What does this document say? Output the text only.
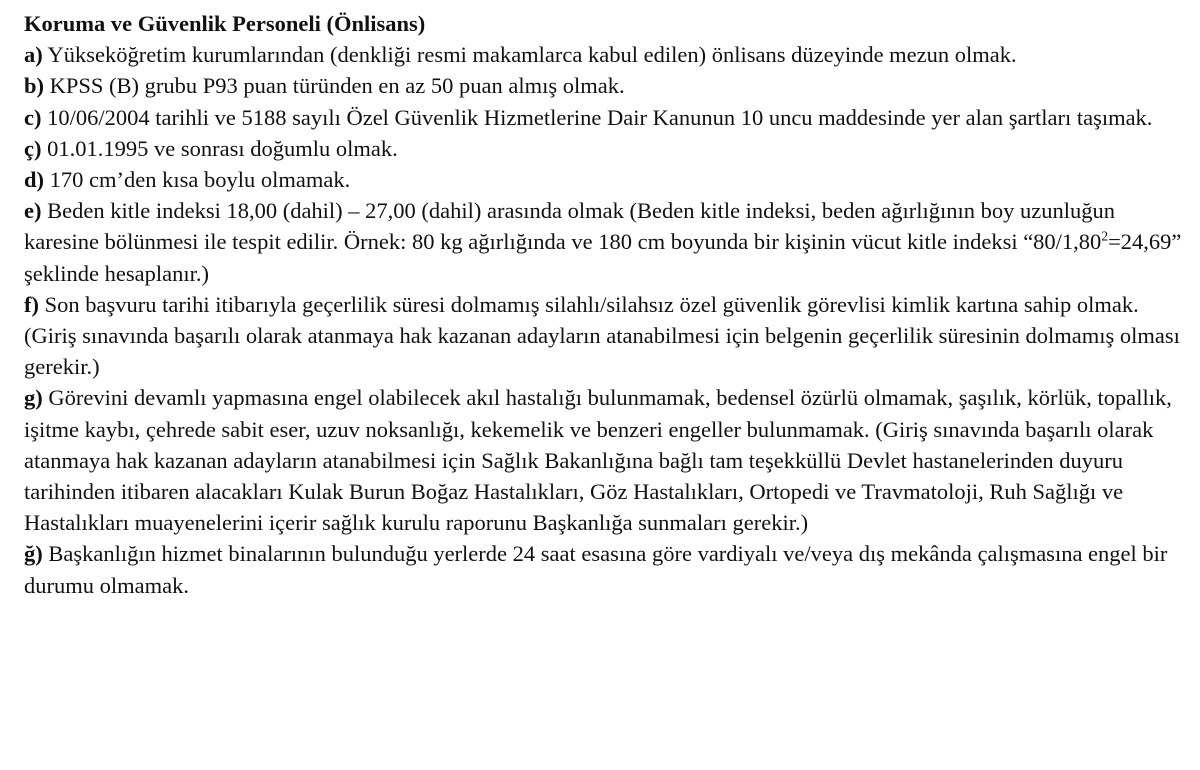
Koruma ve Güvenlik Personeli (Önlisans)

a) Yükseköğretim kurumlarından (denkliği resmi makamlarca kabul edilen) önlisans düzeyinde mezun olmak.

b) KPSS (B) grubu P93 puan türünden en az 50 puan almış olmak.

c) 10/06/2004 tarihli ve 5188 sayılı Özel Güvenlik Hizmetlerine Dair Kanunun 10 uncu maddesinde yer alan şartları taşımak.

ç) 01.01.1995 ve sonrası doğumlu olmak.

d) 170 cm’den kısa boylu olmamak.

e) Beden kitle indeksi 18,00 (dahil) – 27,00 (dahil) arasında olmak (Beden kitle indeksi, beden ağırlığının boy uzunluğun karesine bölünmesi ile tespit edilir. Örnek: 80 kg ağırlığında ve 180 cm boyunda bir kişinin vücut kitle indeksi “$80/1,80^2=24,69$” şeklinde hesaplanır.)

f) Son başvuru tarihi itibarıyla geçerlilik süresi dolmamış silahlı/silahsız özel güvenlik görevlisi kimlik kartına sahip olmak. (Giriş sınavında başarılı olarak atanmaya hak kazanan adayların atanabilmesi için belgenin geçerlilik süresinin dolmamış olması gerekir.)

g) Görevini devamlı yapmasına engel olabilecek akıl hastalığı bulunmamak, bedensel özürlü olmamak, şaşılık, körlük, topallık, işitme kaybı, çehrede sabit eser, uzuv noksanlığı, kekemelik ve benzeri engeller bulunmamak. (Giriş sınavında başarılı olarak atanmaya hak kazanan adayların atanabilmesi için Sağlık Bakanlığına bağlı tam teşekküllü Devlet hastanelerinden duyuru tarihinden itibaren alacakları Kulak Burun Boğaz Hastalıkları, Göz Hastalıkları, Ortopedi ve Travmatoloji, Ruh Sağlığı ve Hastalıkları muayenelerini içerir sağlık kurulu raporunu Başkanlığa sunmaları gerekir.)

ğ) Başkanlığın hizmet binalarının bulunduğu yerlerde 24 saat esasına göre vardiyalı ve/veya dış mekânda çalışmasına engel bir durumu olmamak.
